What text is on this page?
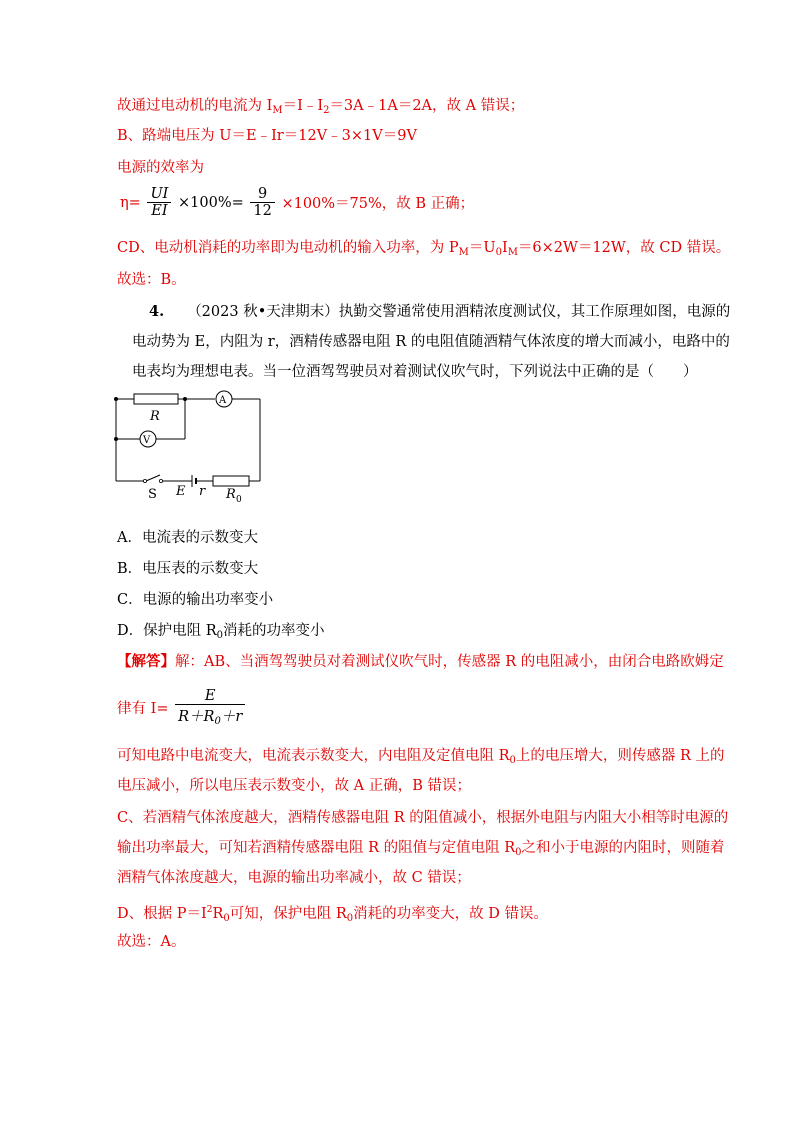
故通过电动机的电流为 $I_M=I﹣I_2=3A﹣1A=2A$，故 A 错误；
B、路端电压为 U＝E﹣Ir＝12V﹣3×1V＝9V
电源的效率为
$\eta= \frac{UI}{EI} \times 100\%= \frac{9}{12} \times 100\%=75\%$，故 B 正确；
CD、电动机消耗的功率即为电动机的输入功率，为 $P_M=U_0I_M=6\times 2W=12W$，故 CD 错误。
故选：B。
4. （2023 秋•天津期末）执勤交警通常使用酒精浓度测试仪，其工作原理如图，电源的
电动势为 E，内阻为 r，酒精传感器电阻 R 的电阻值随酒精气体浓度的增大而减小，电路中的
电表均为理想电表。当一位酒驾驾驶员对着测试仪吹气时，下列说法中正确的是（　　）
R
A
V
S E r R 0
A．电流表的示数变大
B．电压表的示数变大
C．电源的输出功率变小
D．保护电阻 $R_0$消耗的功率变小
【解答】解：AB、当酒驾驾驶员对着测试仪吹气时，传感器 R 的电阻减小，由闭合电路欧姆定
律有 $I= \frac{E}{R+R_0+r}$
可知电路中电流变大，电流表示数变大，内电阻及定值电阻 $R_0$上的电压增大，则传感器 R 上的
电压减小，所以电压表示数变小，故 A 正确，B 错误；
C、若酒精气体浓度越大，酒精传感器电阻 R 的阻值减小，根据外电阻与内阻大小相等时电源的
输出功率最大，可知若酒精传感器电阻 R 的阻值与定值电阻 $R_0$之和小于电源的内阻时，则随着
酒精气体浓度越大，电源的输出功率减小，故 C 错误；
D、根据 $P=I^2R_0$可知，保护电阻 $R_0$消耗的功率变大，故 D 错误。
故选：A。
